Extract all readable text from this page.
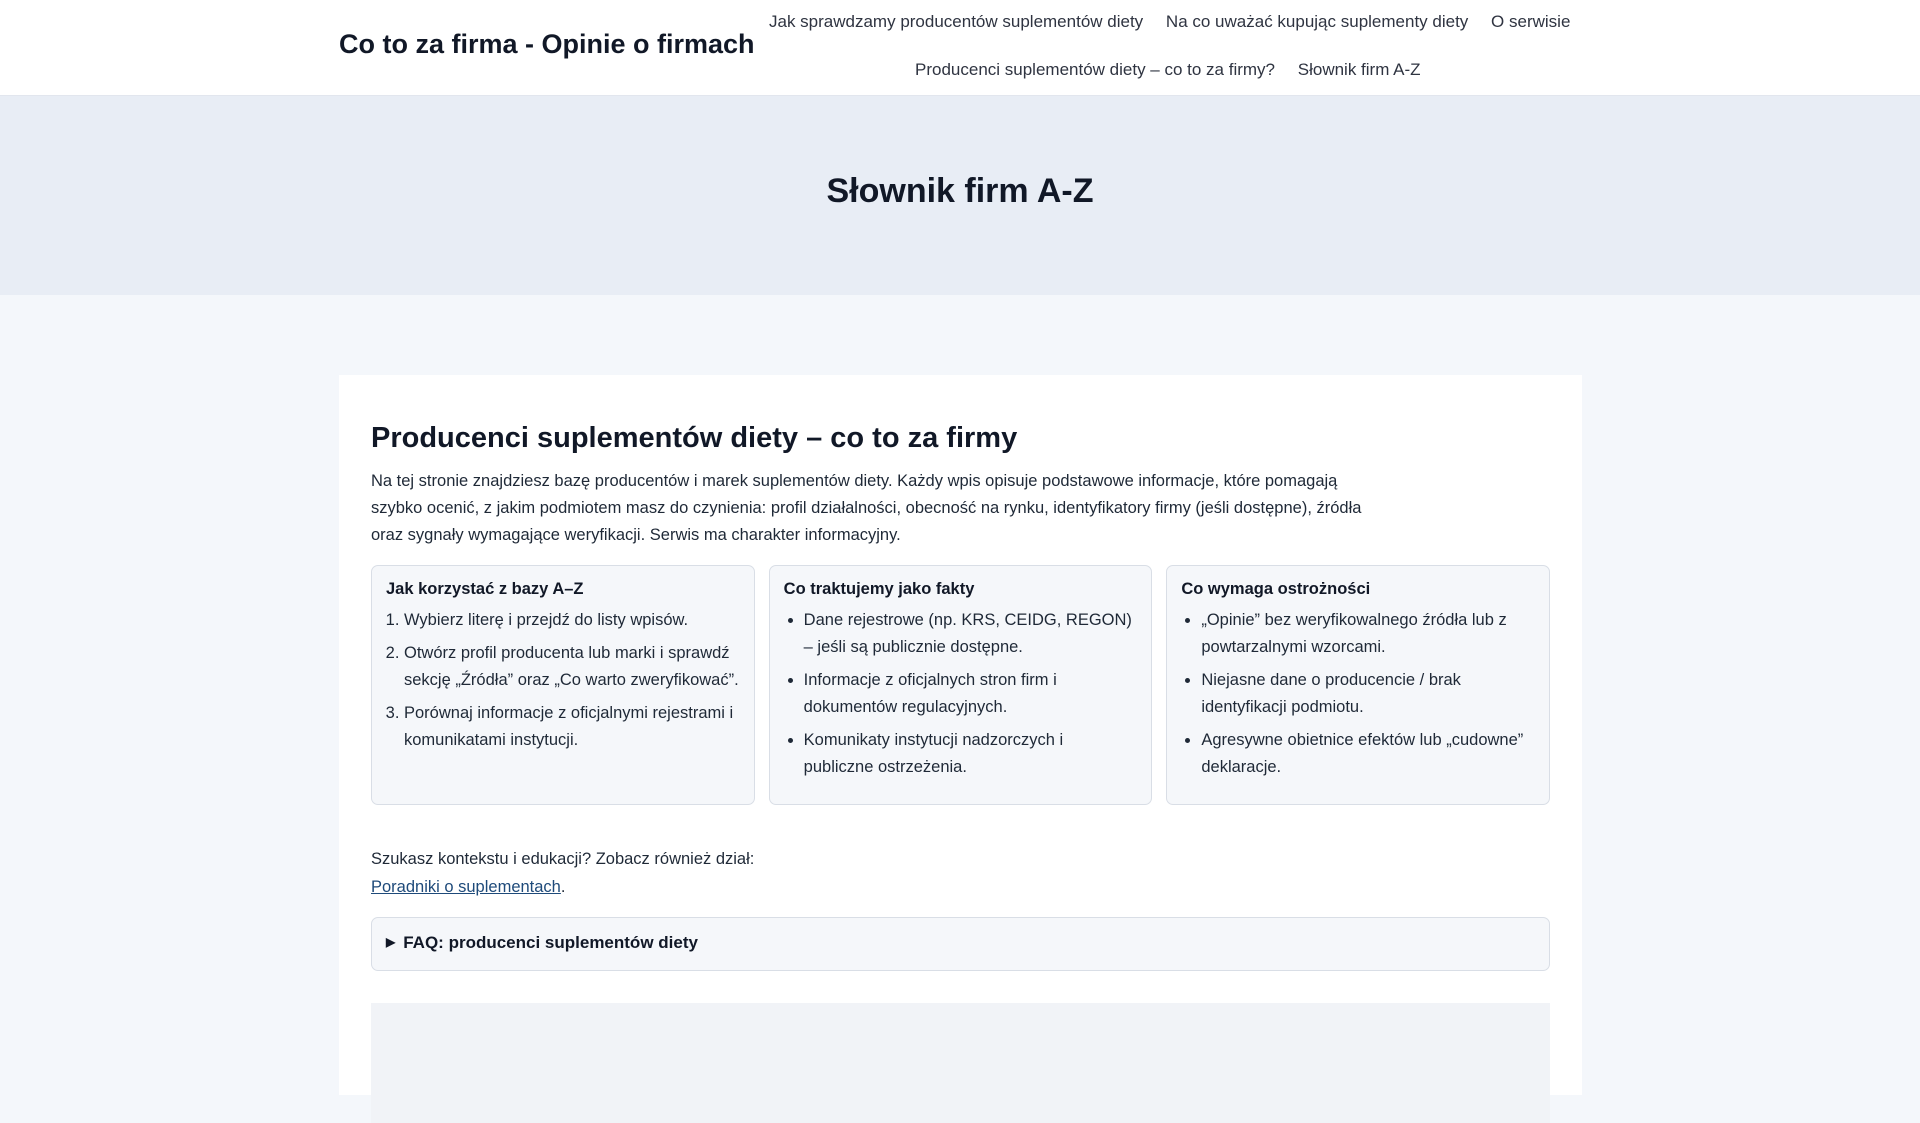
Co to za firma - Opinie o firmach
Jak sprawdzamy producentów suplementów diety Na co uważać kupując suplementy diety O serwisie
Producenci suplementów diety – co to za firmy? Słownik firm A-Z
Słownik firm A-Z
Producenci suplementów diety – co to za firmy

Na tej stronie znajdziesz bazę producentów i marek suplementów diety. Każdy wpis opisuje podstawowe informacje, które pomagają szybko ocenić, z jakim podmiotem masz do czynienia: profil działalności, obecność na rynku, identyfikatory firmy (jeśli dostępne), źródła oraz sygnały wymagające weryfikacji. Serwis ma charakter informacyjny.

Jak korzystać z bazy A–Z
1. Wybierz literę i przejdź do listy wpisów.
2. Otwórz profil producenta lub marki i sprawdź sekcję „Źródła” oraz „Co warto zweryfikować”.
3. Porównaj informacje z oficjalnymi rejestrami i komunikatami instytucji.
Co traktujemy jako fakty
• Dane rejestrowe (np. KRS, CEIDG, REGON) – jeśli są publicznie dostępne.
• Informacje z oficjalnych stron firm i dokumentów regulacyjnych.
• Komunikaty instytucji nadzorczych i publiczne ostrzeżenia.
Co wymaga ostrożności
• „Opinie” bez weryfikowalnego źródła lub z powtarzalnymi wzorcami.
• Niejasne dane o producencie / brak identyfikacji podmiotu.
• Agresywne obietnice efektów lub „cudowne” deklaracje.
Szukasz kontekstu i edukacji? Zobacz również dział:
Poradniki o suplementach.
▶ FAQ: producenci suplementów diety
